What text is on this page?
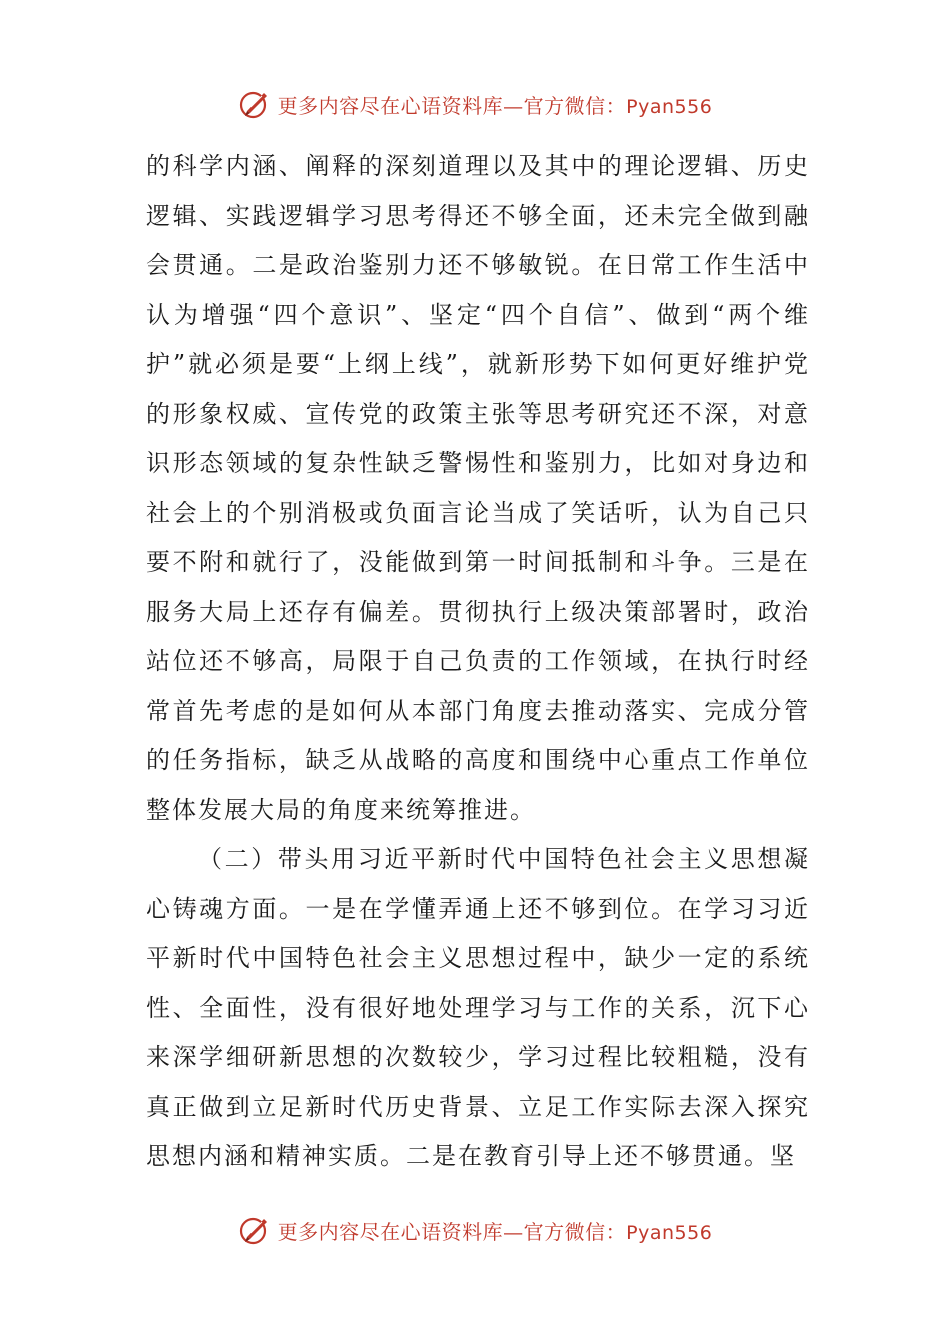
更多内容尽在心语资料库—官方微信：Pyan556

的科学内涵、阐释的深刻道理以及其中的理论逻辑、历史逻辑、实践逻辑学习思考得还不够全面，还未完全做到融会贯通。二是政治鉴别力还不够敏锐。在日常工作生活中认为增强“四个意识”、坚定“四个自信”、做到“两个维护”就必须是要“上纲上线”，就新形势下如何更好维护党的形象权威、宣传党的政策主张等思考研究还不深，对意识形态领域的复杂性缺乏警惕性和鉴别力，比如对身边和社会上的个别消极或负面言论当成了笑话听，认为自己只要不附和就行了，没能做到第一时间抵制和斗争。三是在服务大局上还存有偏差。贯彻执行上级决策部署时，政治站位还不够高，局限于自己负责的工作领域，在执行时经常首先考虑的是如何从本部门角度去推动落实、完成分管的任务指标，缺乏从战略的高度和围绕中心重点工作单位整体发展大局的角度来统筹推进。

（二）带头用习近平新时代中国特色社会主义思想凝心铸魂方面。一是在学懂弄通上还不够到位。在学习习近平新时代中国特色社会主义思想过程中，缺少一定的系统性、全面性，没有很好地处理学习与工作的关系，沉下心来深学细研新思想的次数较少，学习过程比较粗糙，没有真正做到立足新时代历史背景、立足工作实际去深入探究思想内涵和精神实质。二是在教育引导上还不够贯通。坚

更多内容尽在心语资料库—官方微信：Pyan556
